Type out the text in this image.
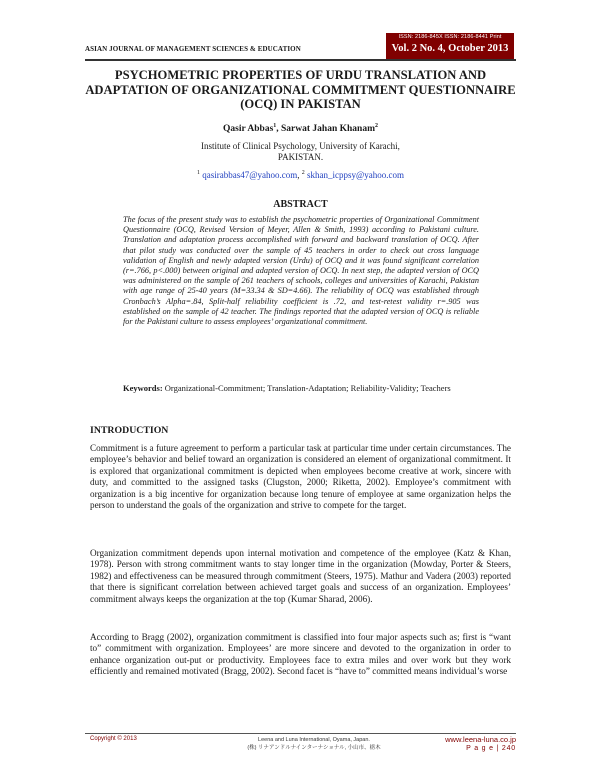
ISSN: 2186-845X ISSN: 2186-8441 Print
Vol. 2 No. 4, October 2013
ASIAN JOURNAL OF MANAGEMENT SCIENCES & EDUCATION
PSYCHOMETRIC PROPERTIES OF URDU TRANSLATION AND ADAPTATION OF ORGANIZATIONAL COMMITMENT QUESTIONNAIRE (OCQ) IN PAKISTAN
Qasir Abbas$^1$, Sarwat Jahan Khanam$^2$
Institute of Clinical Psychology, University of Karachi,
PAKISTAN.
$^1$ qasirabbas47@yahoo.com, $^2$ skhan_icppsy@yahoo.com
ABSTRACT
The focus of the present study was to establish the psychometric properties of Organizational Commitment Questionnaire (OCQ, Revised Version of Meyer, Allen & Smith, 1993) according to Pakistani culture. Translation and adaptation process accomplished with forward and backward translation of OCQ. After that pilot study was conducted over the sample of 45 teachers in order to check out cross language validation of English and newly adapted version (Urdu) of OCQ and it was found significant correlation (r=.766, p<.000) between original and adapted version of OCQ. In next step, the adapted version of OCQ was administered on the sample of 261 teachers of schools, colleges and universities of Karachi, Pakistan with age range of 25-40 years (M=33.34 & SD=4.66). The reliability of OCQ was established through Cronbach’s Alpha=.84, Split-half reliability coefficient is .72, and test-retest validity r=.905 was established on the sample of 42 teacher. The findings reported that the adapted version of OCQ is reliable for the Pakistani culture to assess employees’ organizational commitment.
Keywords: Organizational-Commitment; Translation-Adaptation; Reliability-Validity; Teachers
INTRODUCTION

Commitment is a future agreement to perform a particular task at particular time under certain circumstances. The employee’s behavior and belief toward an organization is considered an element of organizational commitment. It is explored that organizational commitment is depicted when employees become creative at work, sincere with duty, and committed to the assigned tasks (Clugston, 2000; Riketta, 2002). Employee’s commitment with organization is a big incentive for organization because long tenure of employee at same organization helps the person to understand the goals of the organization and strive to compete for the target.

Organization commitment depends upon internal motivation and competence of the employee (Katz & Khan, 1978). Person with strong commitment wants to stay longer time in the organization (Mowday, Porter & Steers, 1982) and effectiveness can be measured through commitment (Steers, 1975). Mathur and Vadera (2003) reported that there is significant correlation between achieved target goals and success of an organization. Employees’ commitment always keeps the organization at the top (Kumar Sharad, 2006).

According to Bragg (2002), organization commitment is classified into four major aspects such as; first is “want to” commitment with organization. Employees’ are more sincere and devoted to the organization in order to enhance organization out-put or productivity. Employees face to extra miles and over work but they work efficiently and remained motivated (Bragg, 2002). Second facet is “have to” committed means individual’s worse

Copyright © 2013	Leena and Luna International, Oyama, Japan.
(株) リナアンドルナインターナショナル, 小山市、栃木
www.leena-luna.co.jp
P a g e | 240
